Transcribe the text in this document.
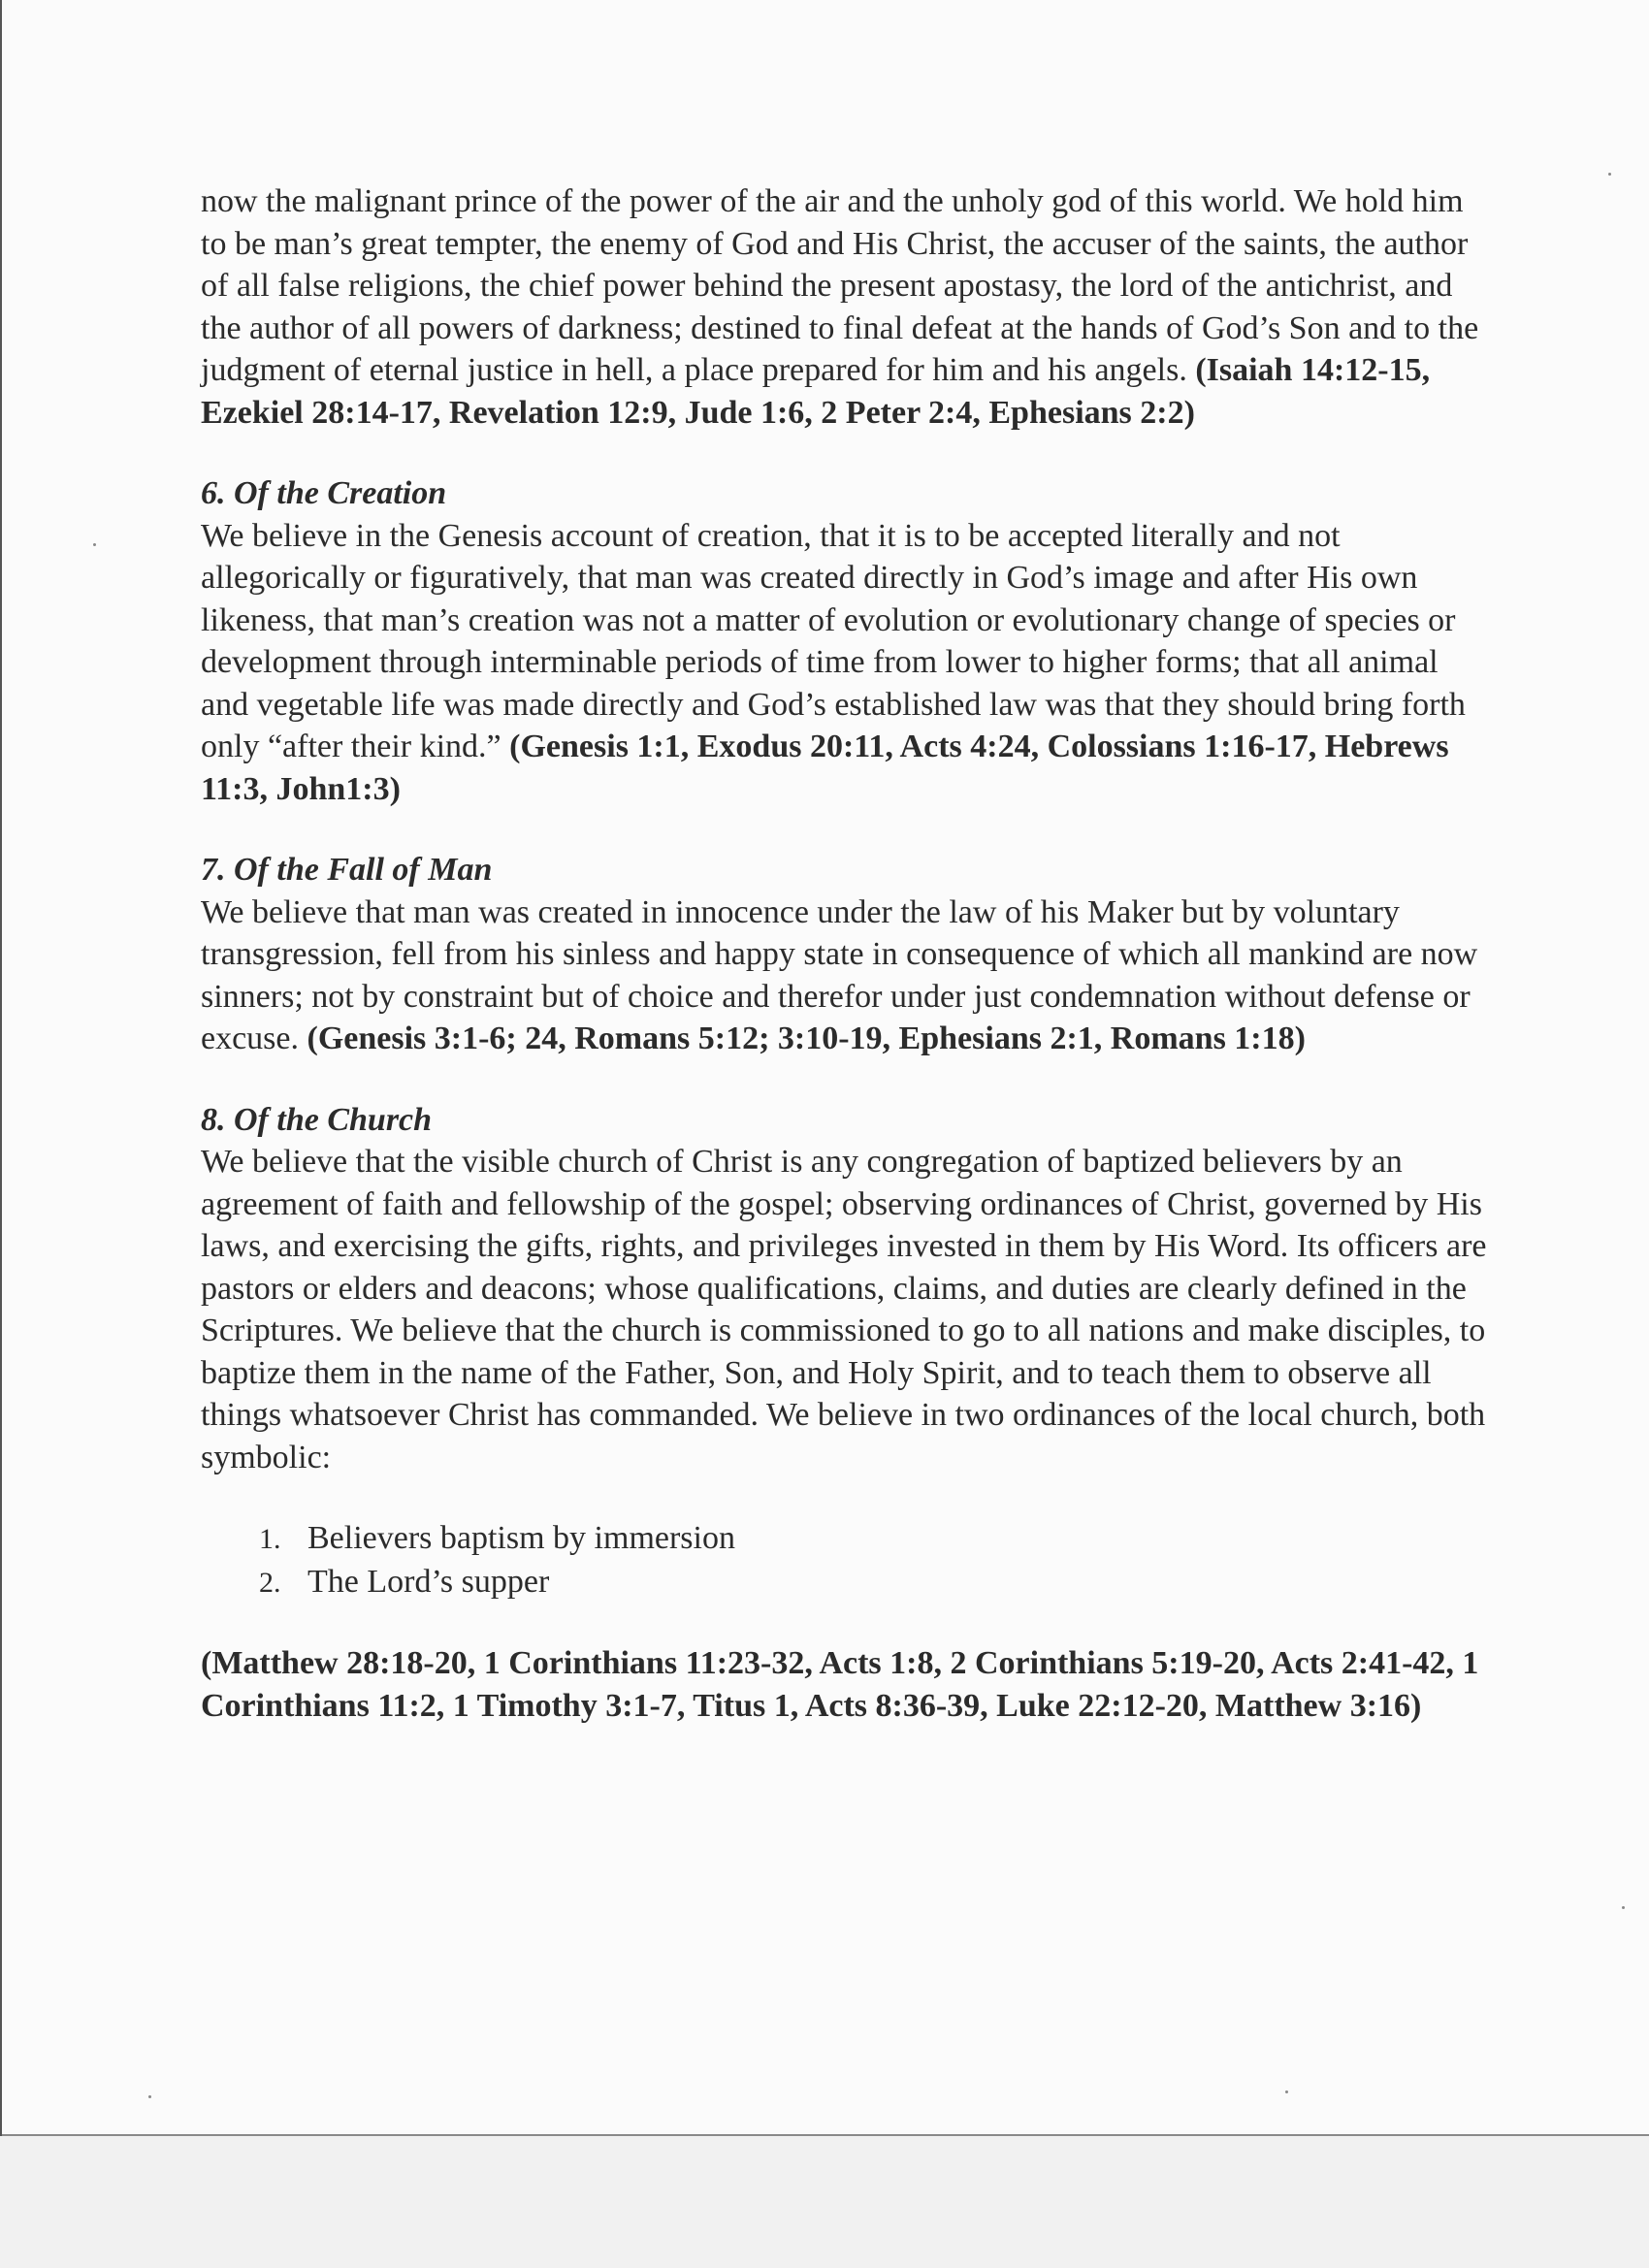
now the malignant prince of the power of the air and the unholy god of this world. We hold him to be man’s great tempter, the enemy of God and His Christ, the accuser of the saints, the author of all false religions, the chief power behind the present apostasy, the lord of the antichrist, and the author of all powers of darkness; destined to final defeat at the hands of God’s Son and to the judgment of eternal justice in hell, a place prepared for him and his angels. (Isaiah 14:12-15, Ezekiel 28:14-17, Revelation 12:9, Jude 1:6, 2 Peter 2:4, Ephesians 2:2)

6. Of the Creation

We believe in the Genesis account of creation, that it is to be accepted literally and not allegorically or figuratively, that man was created directly in God’s image and after His own likeness, that man’s creation was not a matter of evolution or evolutionary change of species or development through interminable periods of time from lower to higher forms; that all animal and vegetable life was made directly and God’s established law was that they should bring forth only “after their kind.” (Genesis 1:1, Exodus 20:11, Acts 4:24, Colossians 1:16-17, Hebrews 11:3, John1:3)

7. Of the Fall of Man

We believe that man was created in innocence under the law of his Maker but by voluntary transgression, fell from his sinless and happy state in consequence of which all mankind are now sinners; not by constraint but of choice and therefor under just condemnation without defense or excuse. (Genesis 3:1-6; 24, Romans 5:12; 3:10-19, Ephesians 2:1, Romans 1:18)

8. Of the Church

We believe that the visible church of Christ is any congregation of baptized believers by an agreement of faith and fellowship of the gospel; observing ordinances of Christ, governed by His laws, and exercising the gifts, rights, and privileges invested in them by His Word. Its officers are pastors or elders and deacons; whose qualifications, claims, and duties are clearly defined in the Scriptures. We believe that the church is commissioned to go to all nations and make disciples, to baptize them in the name of the Father, Son, and Holy Spirit, and to teach them to observe all things whatsoever Christ has commanded. We believe in two ordinances of the local church, both symbolic:

1. Believers baptism by immersion
2. The Lord’s supper

(Matthew 28:18-20, 1 Corinthians 11:23-32, Acts 1:8, 2 Corinthians 5:19-20, Acts 2:41-42, 1 Corinthians 11:2, 1 Timothy 3:1-7, Titus 1, Acts 8:36-39, Luke 22:12-20, Matthew 3:16)
